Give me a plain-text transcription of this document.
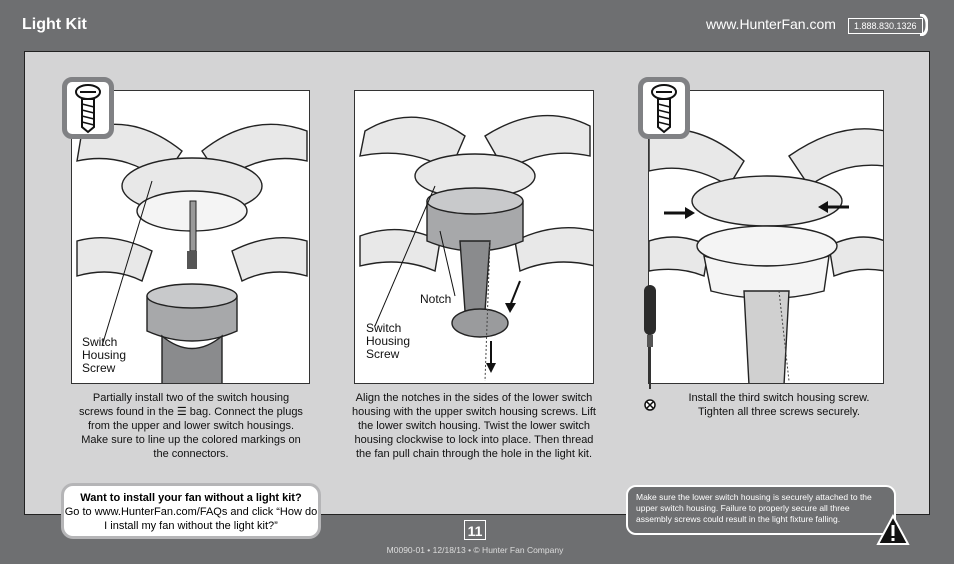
Light Kit	www.HunterFan.com	1.888.830.1326
Switch Housing Screw
Partially install two of the switch housing screws found in the ☰ bag. Connect the plugs from the upper and lower switch housings. Make sure to line up the colored markings on the connectors.
Notch
Switch Housing Screw
Align the notches in the sides of the lower switch housing with the upper switch housing screws. Lift the lower switch housing. Twist the lower switch housing clockwise to lock into place. Then thread the fan pull chain through the hole in the light kit.
Install the third switch housing screw. Tighten all three screws securely.
Want to install your fan without a light kit?
Go to www.HunterFan.com/FAQs and click “How do I install my fan without the light kit?”
Make sure the lower switch housing is securely attached to the upper switch housing. Failure to properly secure all three assembly screws could result in the light fixture falling.
11
M0090-01 • 12/18/13 • © Hunter Fan Company
